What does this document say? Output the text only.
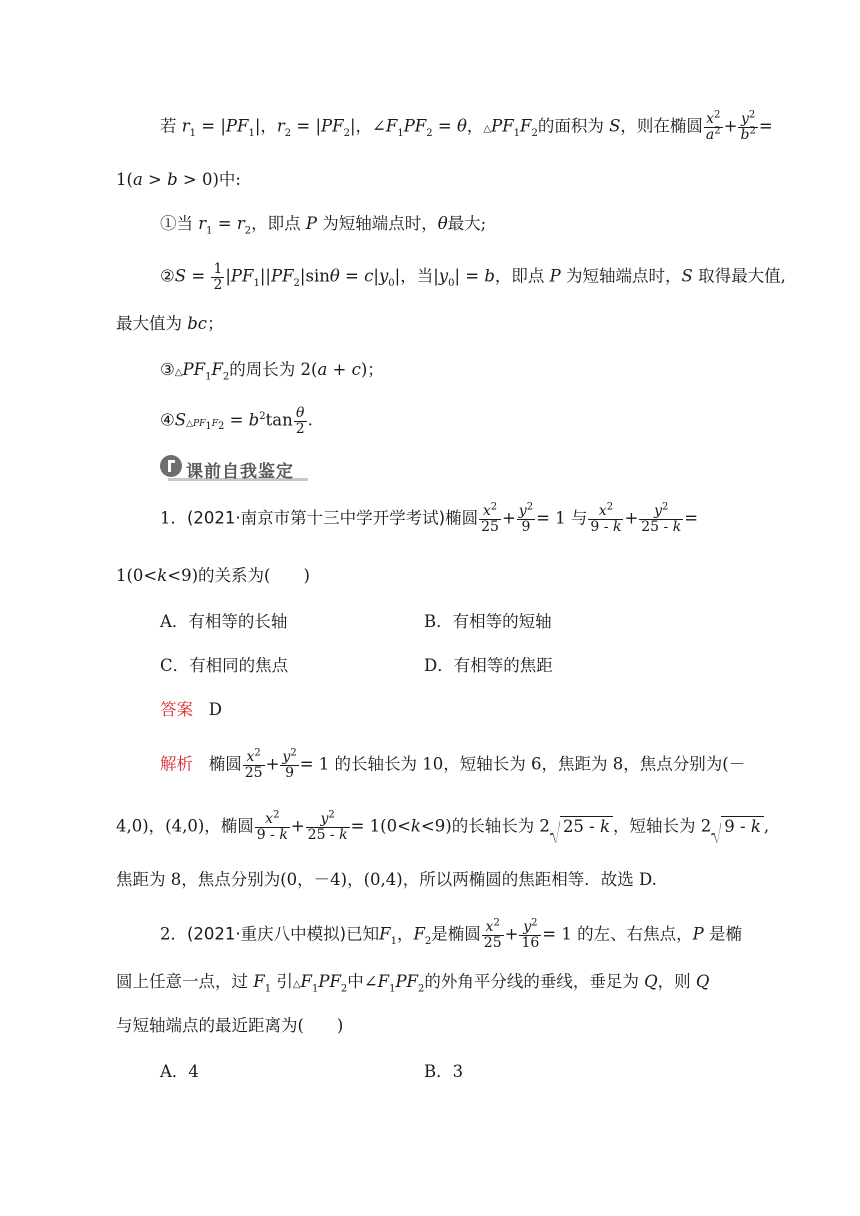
若 $r_1 = |PF_1|$，$r_2 = |PF_2|$，$\angle F_1PF_2 = \theta$，$\triangle PF_1F_2$的面积为 S，则在椭圆 $\frac{x^2}{a^2} + \frac{y^2}{b^2}$ =
1(a > b > 0)中:
①当 $r_1 = r_2$，即点 P 为短轴端点时，θ最大;
②S = $\frac{1}{2} |PF_1||PF_2|\sin\theta = c|y_0|$，当$|y_0| = b$，即点 P 为短轴端点时，S 取得最大值,
最大值为 bc；
$③\triangle PF_1F_2$的周长为 2(a + c)；
$④S\triangle PF_1F_2 = b^2\tan \frac{\theta}{2}$ .
课前自我鉴定
1．(2021·南京市第十三中学开学考试)椭圆 $\frac{x^2}{25} + \frac{y^2}{9} = 1$ 与 $\frac{x^2}{9 - k} + \frac{y^2}{25 - k}$ =
1(0<k<9)的关系为(　　)
A．有相等的长轴	B．有相等的短轴
C．有相同的焦点	D．有相等的焦距
答案 D
解析 椭圆 $\frac{x^2}{25} + \frac{y^2}{9} = 1$ 的长轴长为 10，短轴长为 6，焦距为 8，焦点分别为(－
4,0)，(4,0)，椭圆 $\frac{x^2}{9 - k} + \frac{y^2}{25 - k} = 1(0<k<9)$的长轴长为 2 25 - k ，短轴长为 2 9 - k ,
焦距为 8，焦点分别为(0，－4)，(0,4)，所以两椭圆的焦距相等．故选 D.
2．(2021·重庆八中模拟)已知$F_1$，$F_2$是椭圆 $\frac{x^2}{25} + \frac{y^2}{16} = 1$ 的左、右焦点，P 是椭
圆上任意一点，过 $F_1$ 引$\triangle F_1PF_2$中$\angle F_1PF_2$的外角平分线的垂线，垂足为 Q，则 Q
与短轴端点的最近距离为(　　)
A．4	B．3
